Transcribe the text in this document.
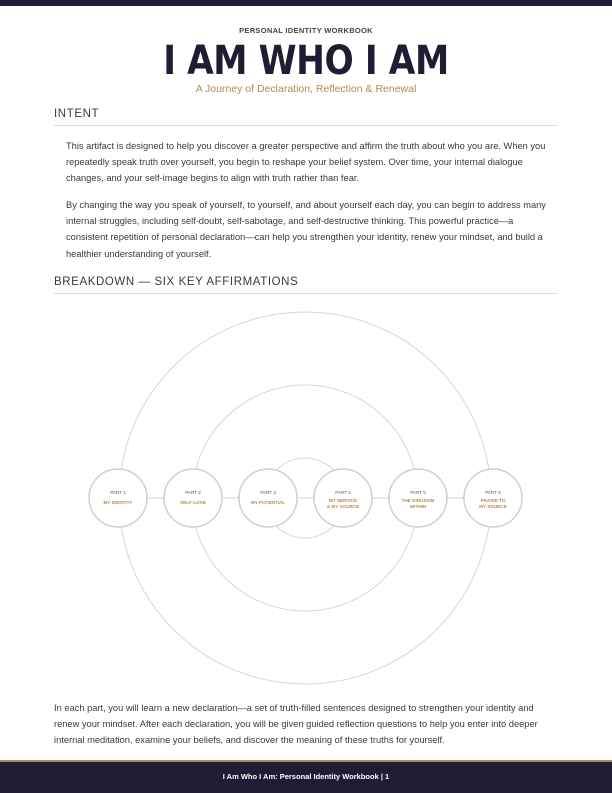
PERSONAL IDENTITY WORKBOOK
I AM WHO I AM
A Journey of Declaration, Reflection & Renewal
INTENT

This artifact is designed to help you discover a greater perspective and affirm the truth about who you are. When you repeatedly speak truth over yourself, you begin to reshape your belief system. Over time, your internal dialogue changes, and your self-image begins to align with truth rather than fear.

By changing the way you speak of yourself, to yourself, and about yourself each day, you can begin to address many internal struggles, including self-doubt, self-sabotage, and self-destructive thinking. This powerful practice—a consistent repetition of personal declaration—can help you strengthen your identity, renew your mindset, and build a healthier understanding of yourself.

BREAKDOWN — SIX KEY AFFIRMATIONS
PART 1
MY IDENTITY
PART 2
SELF-LOVE
PART 3
MY POTENTIAL
PART 4
MY SERVICE
& MY SOURCE
PART 5
THE KINGDOM
WITHIN
PART 6
PRAISE TO
MY SOURCE

In each part, you will learn a new declaration—a set of truth-filled sentences designed to strengthen your identity and renew your mindset. After each declaration, you will be given guided reflection questions to help you enter into deeper internal meditation, examine your beliefs, and discover the meaning of these truths for yourself.

I Am Who I Am: Personal Identity Workbook | 1
